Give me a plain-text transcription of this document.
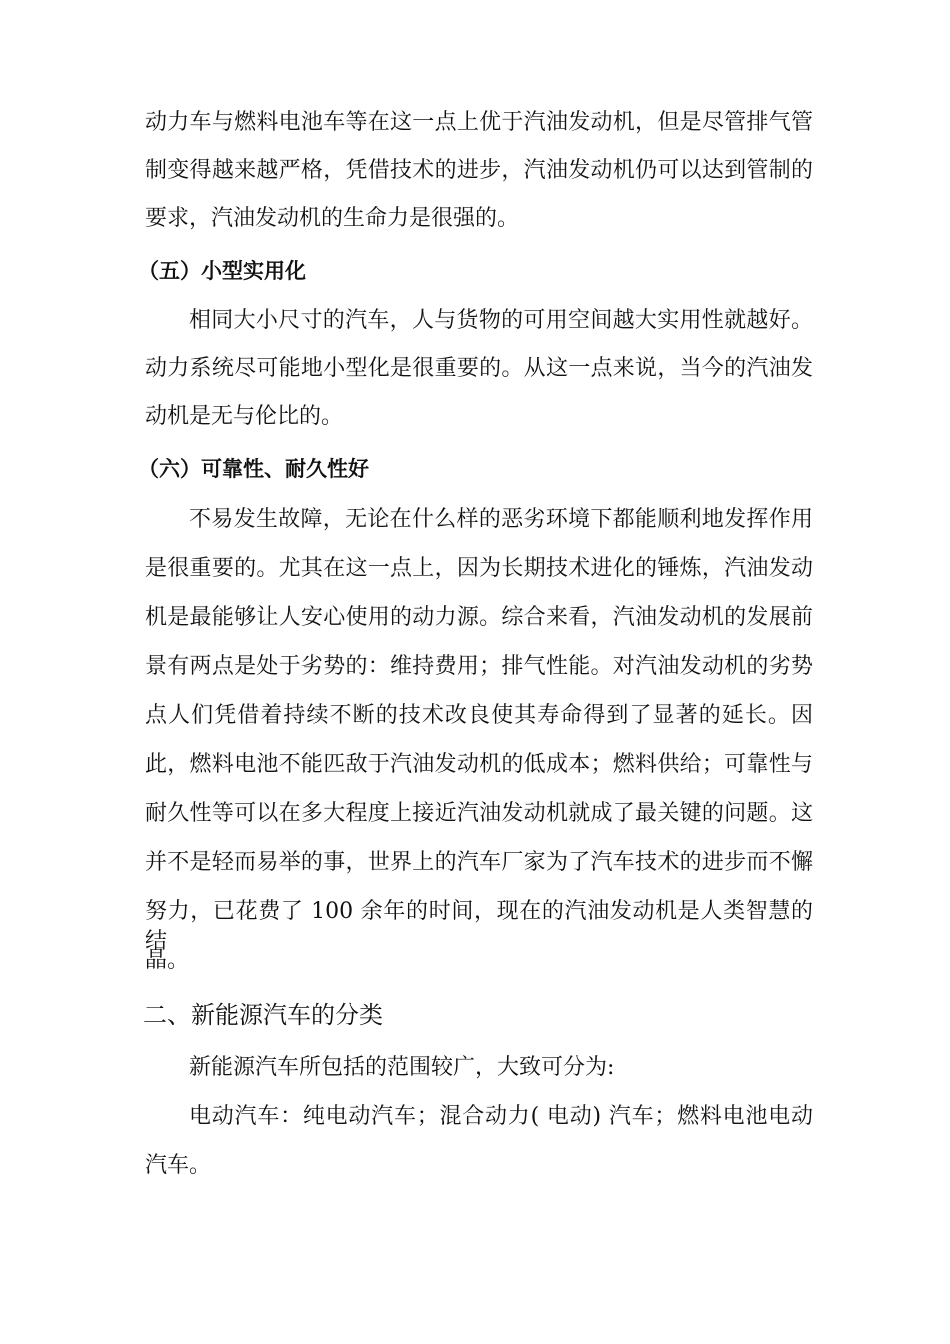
动力车与燃料电池车等在这一点上优于汽油发动机，但是尽管排气管
制变得越来越严格，凭借技术的进步，汽油发动机仍可以达到管制的
要求，汽油发动机的生命力是很强的。
（五）小型实用化
相同大小尺寸的汽车，人与货物的可用空间越大实用性就越好。
动力系统尽可能地小型化是很重要的。从这一点来说，当今的汽油发
动机是无与伦比的。
（六）可靠性、耐久性好
不易发生故障，无论在什么样的恶劣环境下都能顺利地发挥作用
是很重要的。尤其在这一点上，因为长期技术进化的锤炼，汽油发动
机是最能够让人安心使用的动力源。综合来看，汽油发动机的发展前
景有两点是处于劣势的：维持费用；排气性能。对汽油发动机的劣势
点人们凭借着持续不断的技术改良使其寿命得到了显著的延长。因
此，燃料电池不能匹敌于汽油发动机的低成本；燃料供给；可靠性与
耐久性等可以在多大程度上接近汽油发动机就成了最关键的问题。这
并不是轻而易举的事，世界上的汽车厂家为了汽车技术的进步而不懈
努力，已花费了 100 余年的时间，现在的汽油发动机是人类智慧的结
晶。
二、新能源汽车的分类
新能源汽车所包括的范围较广，大致可分为:
电动汽车：纯电动汽车；混合动力( 电动) 汽车；燃料电池电动
汽车。
